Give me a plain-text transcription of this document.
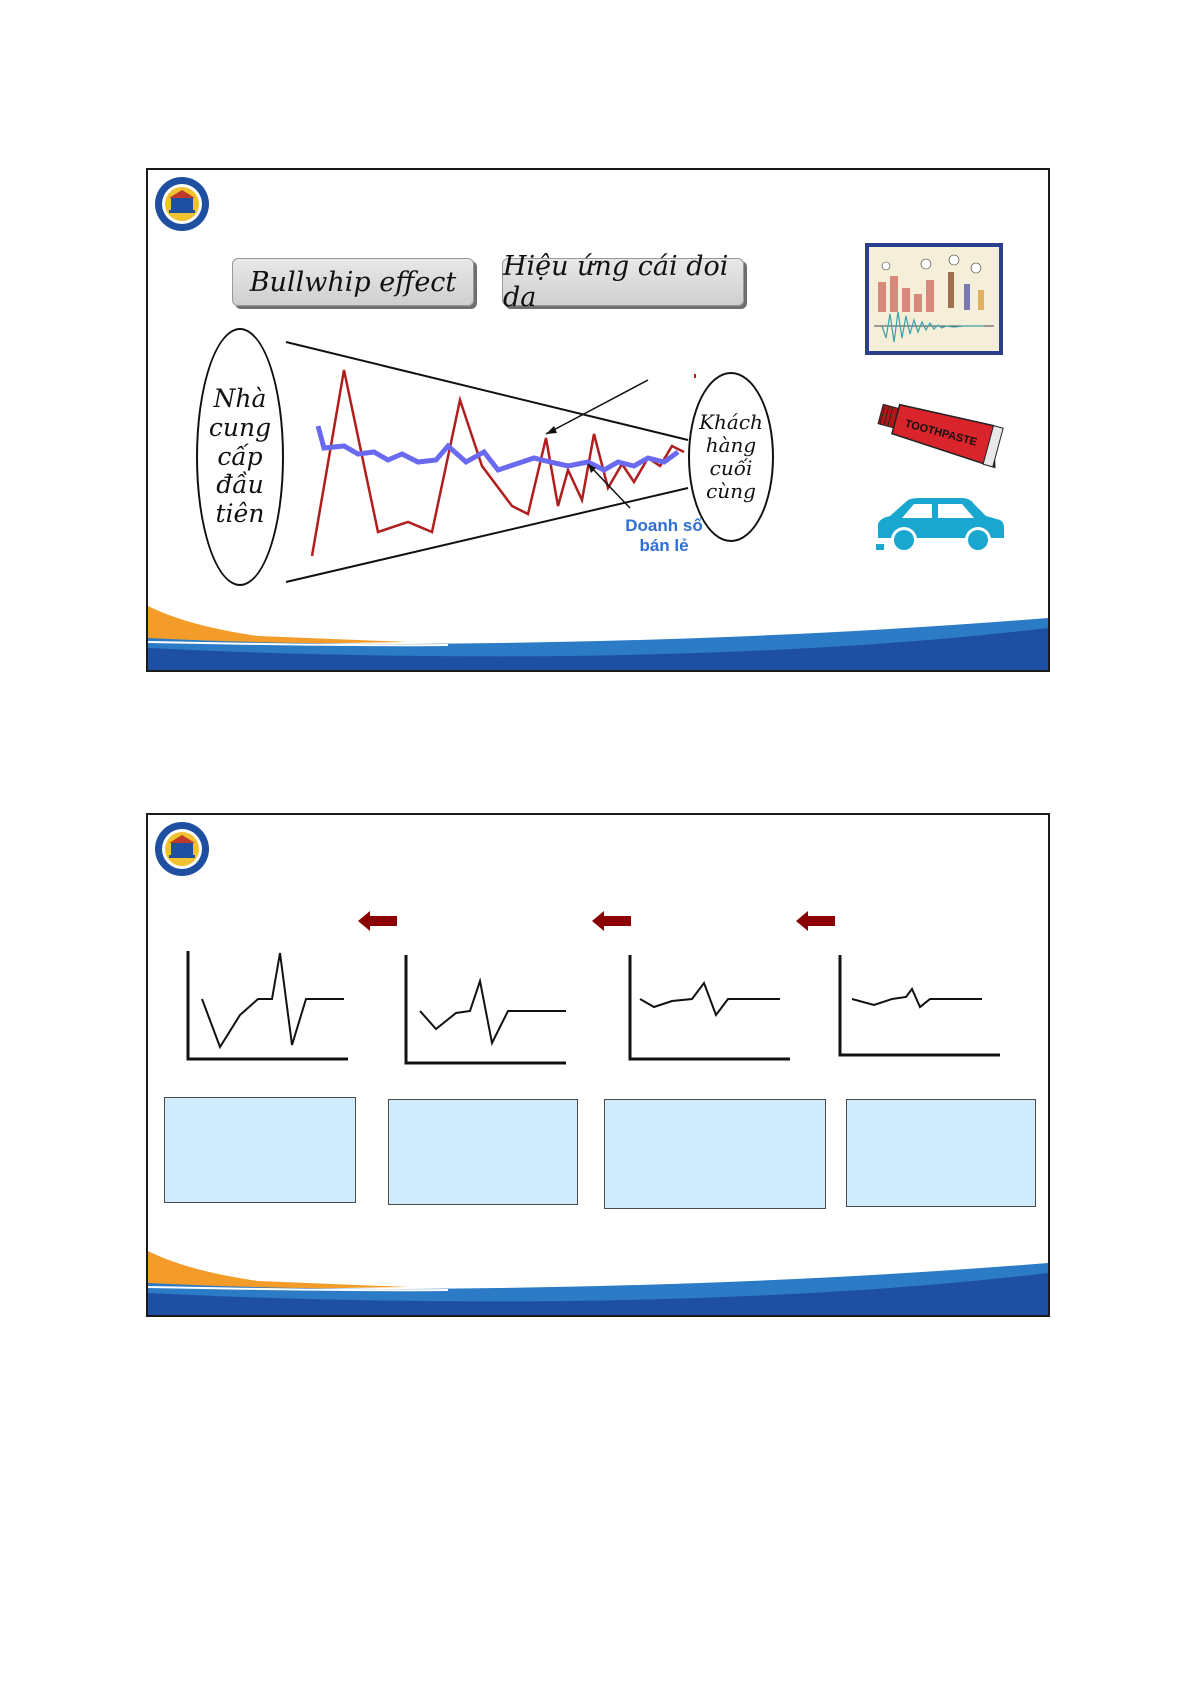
Bullwhip effect	Hiệu ứng cái doi da
Nhà
cung
cấp
đầu
tiên
Khách
hàng
cuối
cùng
Doanh số
bán lẻ
TOOTHPASTE
